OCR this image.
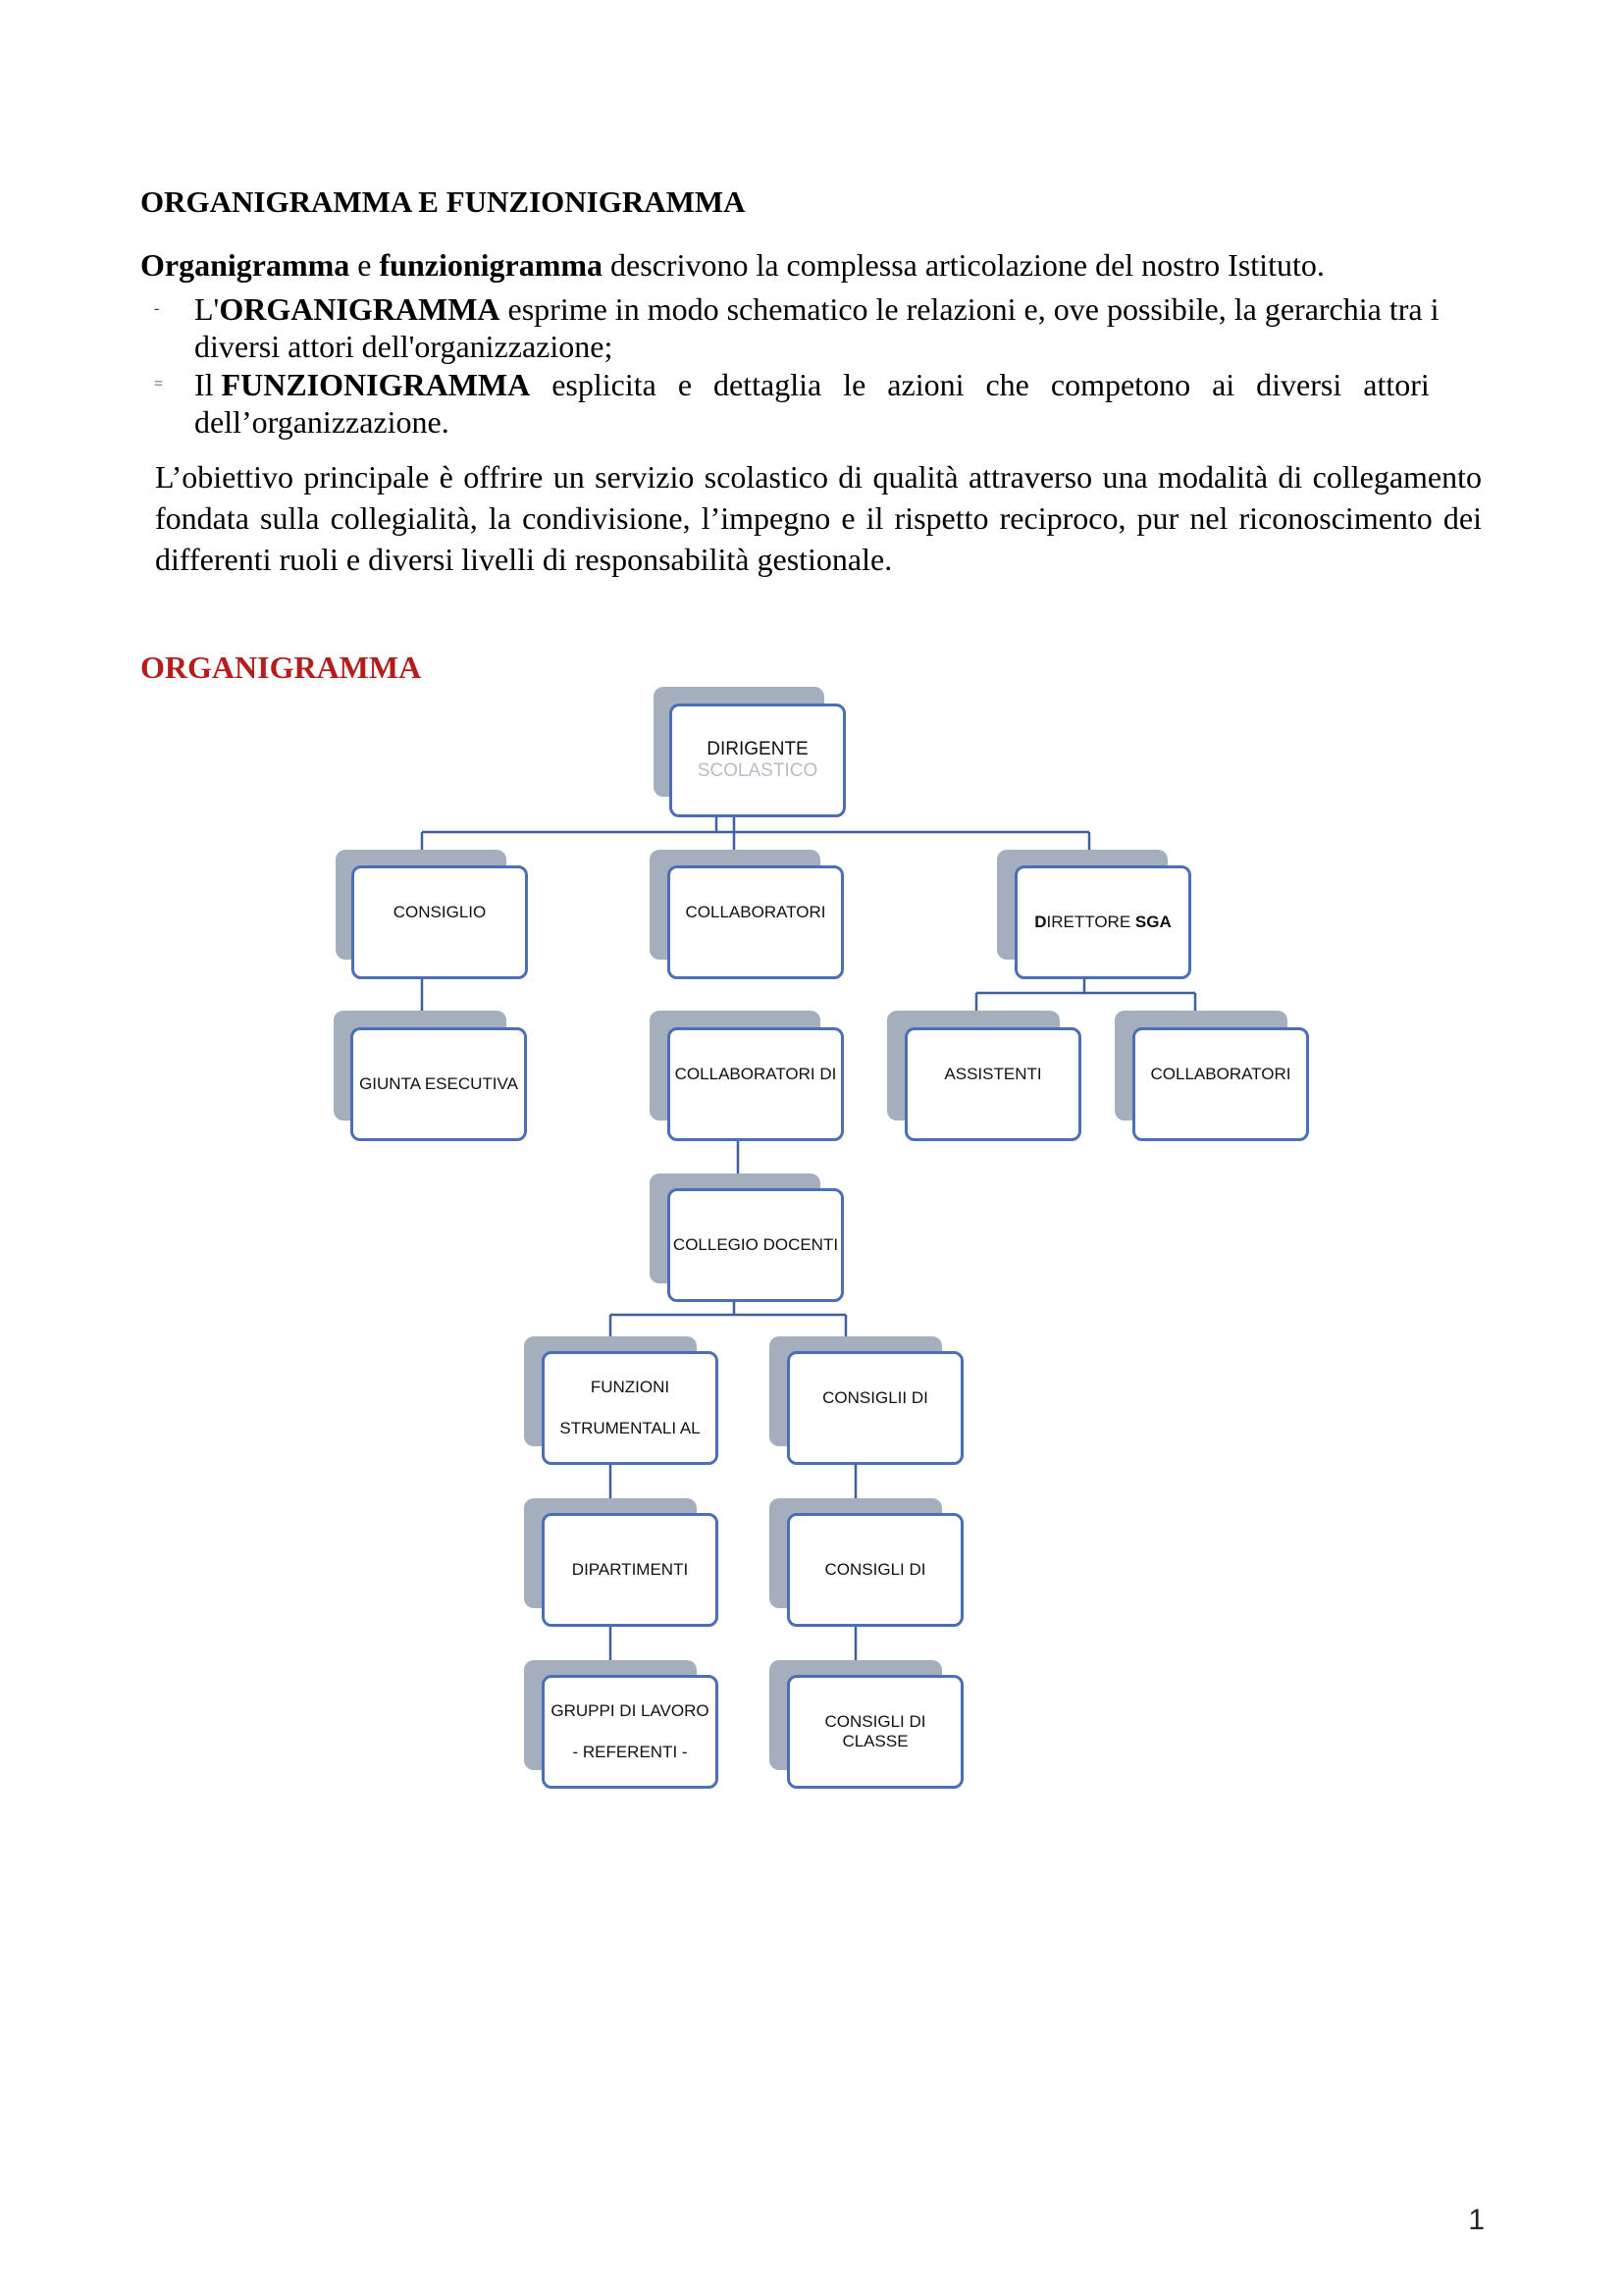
ORGANIGRAMMA E FUNZIONIGRAMMA
Organigramma e funzionigramma descrivono la complessa articolazione del nostro Istituto.
- L'ORGANIGRAMMA esprime in modo schematico le relazioni e, ove possibile, la gerarchia tra i
diversi attori dell'organizzazione;
= Il FUNZIONIGRAMMA esplicita e dettaglia le azioni che competono ai diversi attori
dell’organizzazione.
L’obiettivo principale è offrire un servizio scolastico di qualità attraverso una modalità di collegamento fondata sulla collegialità, la condivisione, l’impegno e il rispetto reciproco, pur nel riconoscimento dei differenti ruoli e diversi livelli di responsabilità gestionale.
ORGANIGRAMMA
DIRIGENTE
SCOLASTICO
CONSIGLIO	COLLABORATORI
DIRETTORE SGA
GIUNTA ESECUTIVA
COLLABORATORI DI	ASSISTENTI	COLLABORATORI
COLLEGIO DOCENTI
FUNZIONI
STRUMENTALI AL
CONSIGLII DI
DIPARTIMENTI	CONSIGLI DI
GRUPPI DI LAVORO
- REFERENTI -
CONSIGLI DI CLASSE
1
